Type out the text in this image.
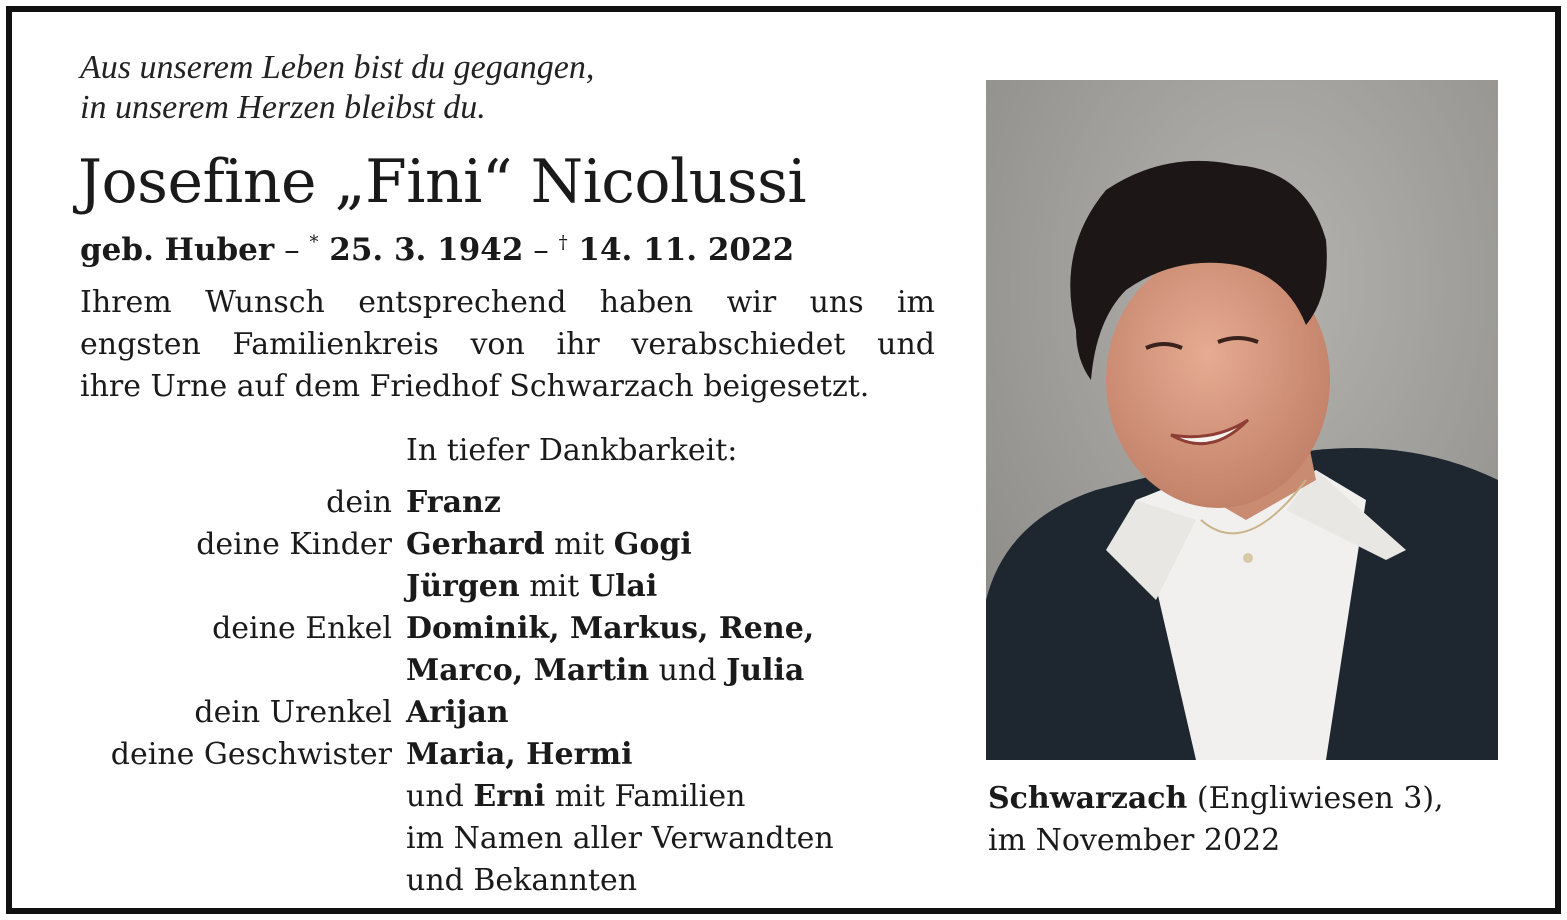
Aus unserem Leben bist du gegangen,
in unserem Herzen bleibst du.
Josefine „Fini“ Nicolussi
geb. Huber – * 25. 3. 1942 – † 14. 11. 2022
Ihrem Wunsch entsprechend haben wir uns im
engsten Familienkreis von ihr verabschiedet und
ihre Urne auf dem Friedhof Schwarzach beigesetzt.
In tiefer Dankbarkeit:
dein Franz
deine Kinder Gerhard mit Gogi
Jürgen mit Ulai
deine Enkel Dominik, Markus, Rene,
Marco, Martin und Julia
dein Urenkel Arijan
deine Geschwister Maria, Hermi
und Erni mit Familien
im Namen aller Verwandten
und Bekannten
Schwarzach (Engliwiesen 3),
im November 2022
